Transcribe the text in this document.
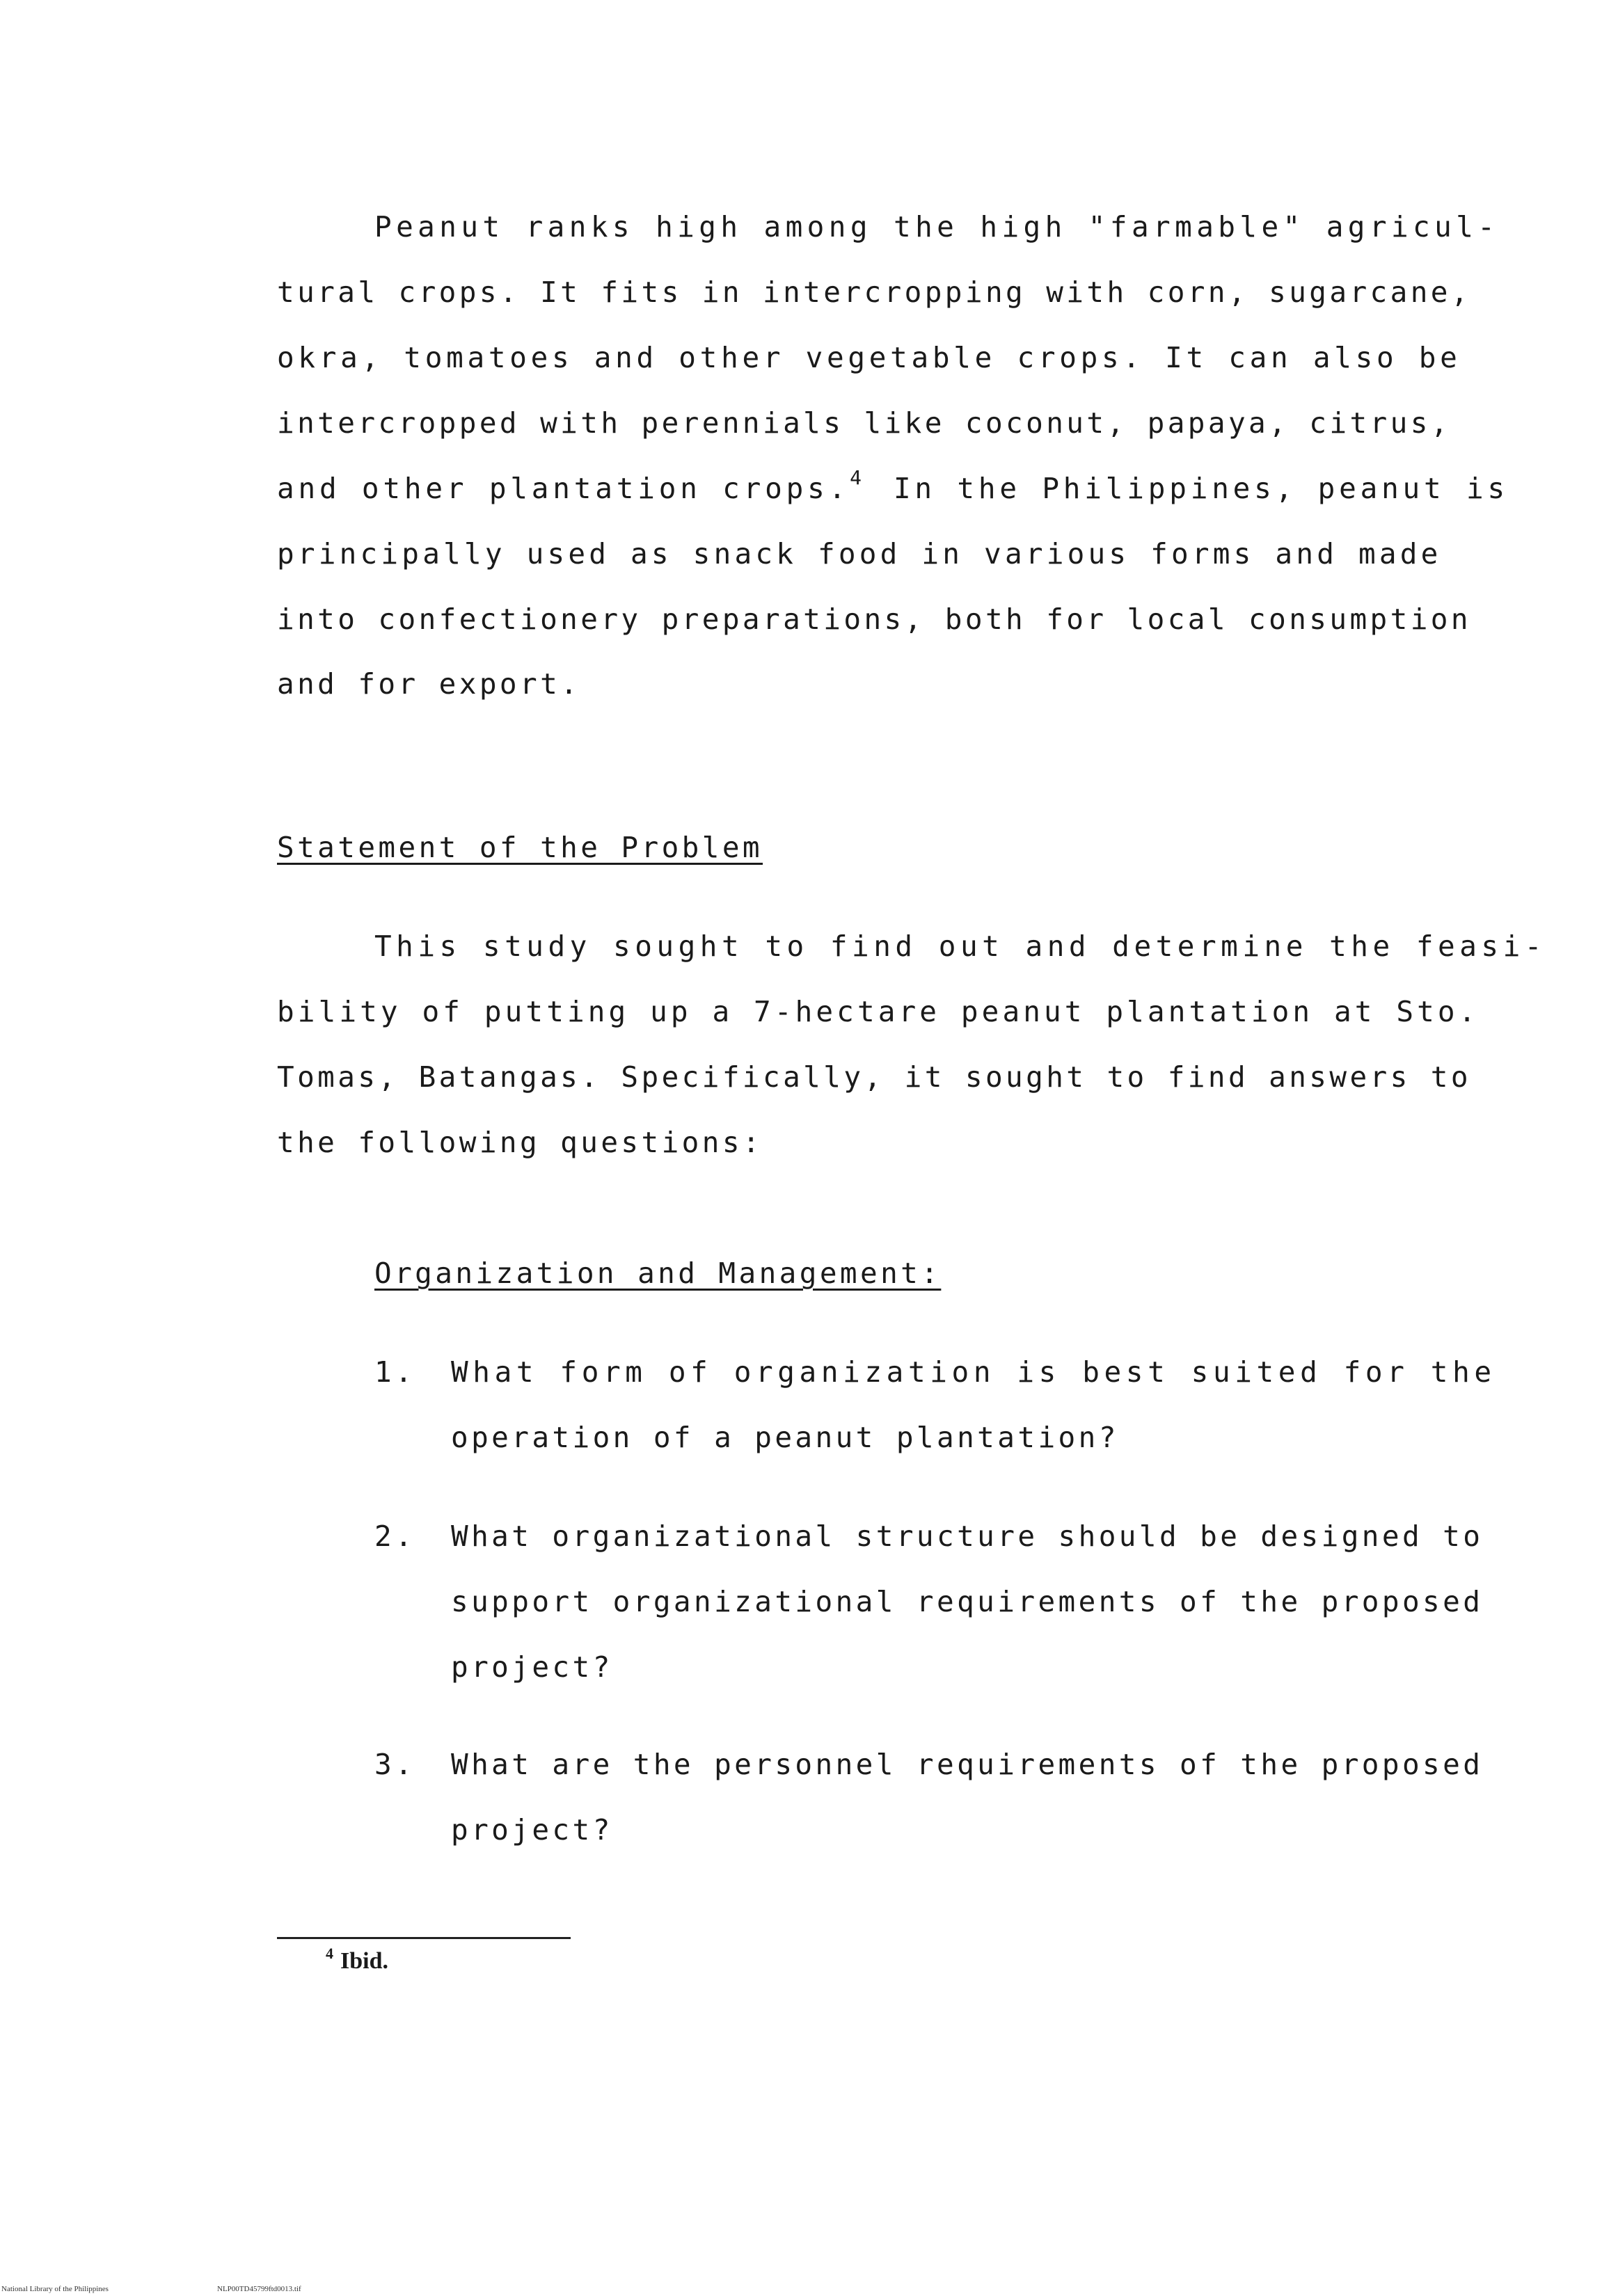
Peanut ranks high among the high "farmable" agricul-
tural crops. It fits in intercropping with corn, sugarcane,
okra, tomatoes and other vegetable crops. It can also be
intercropped with perennials like coconut, papaya, citrus,
and other plantation crops.$^4$ In the Philippines, peanut is
principally used as snack food in various forms and made
into confectionery preparations, both for local consumption
and for export.
Statement of the Problem
This study sought to find out and determine the feasi-
bility of putting up a 7-hectare peanut plantation at Sto.
Tomas, Batangas. Specifically, it sought to find answers to
the following questions:
Organization and Management:
1. What form of organization is best suited for the
operation of a peanut plantation?
2. What organizational structure should be designed to
support organizational requirements of the proposed
project?
3. What are the personnel requirements of the proposed
project?
$^4$ Ibid.
National Library of the Philippines	NLP00TD45799ftd0013.tif
